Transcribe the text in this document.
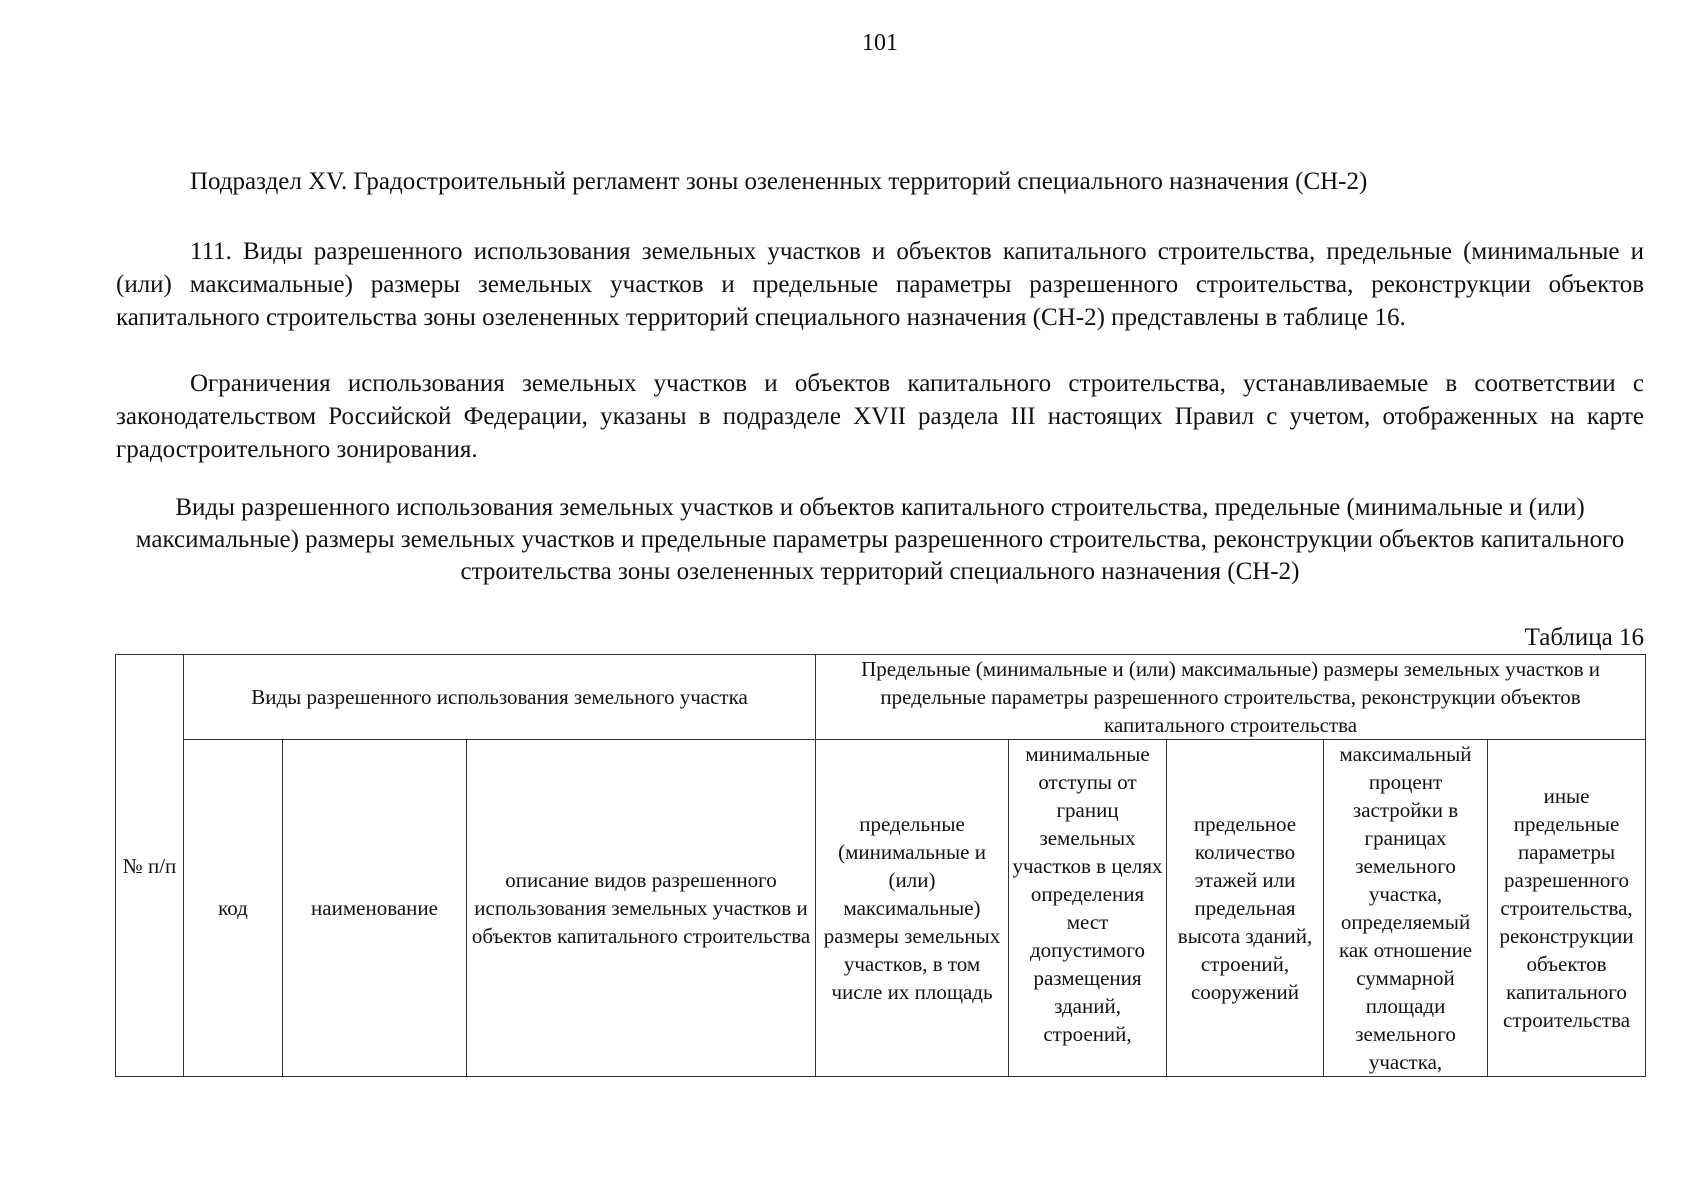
101
Подраздел XV. Градостроительный регламент зоны озелененных территорий специального назначения (СН-2)

111. Виды разрешенного использования земельных участков и объектов капитального строительства, предельные (минимальные и (или) максимальные) размеры земельных участков и предельные параметры разрешенного строительства, реконструкции объектов капитального строительства зоны озелененных территорий специального назначения (СН-2) представлены в таблице 16.

Ограничения использования земельных участков и объектов капитального строительства, устанавливаемые в соответствии с законодательством Российской Федерации, указаны в подразделе XVII раздела III настоящих Правил с учетом, отображенных на карте градостроительного зонирования.

Виды разрешенного использования земельных участков и объектов капитального строительства, предельные (минимальные и (или) максимальные) размеры земельных участков и предельные параметры разрешенного строительства, реконструкции объектов капитального строительства зоны озеленeнных территорий специального назначения (СН-2)

Таблица 16
№ п/п	Виды разрешенного использования земельного участка			Предельные (минимальные и (или) максимальные) размеры земельных участков и предельные параметры разрешенного строительства, реконструкции объектов капитального строительства				

	код	наименование	описание видов разрешенного использования земельных участков и объектов капитального строительства	предельные (минимальные и (или) максимальные) размеры земельных участков, в том числе их площадь	минимальные отступы от границ земельных участков в целях определения мест допустимого размещения зданий, строений,	предельное количество этажей или предельная высота зданий, строений, сооружений	максимальный процент застройки в границах земельного участка, определяемый как отношение суммарной площади земельного участка,	иные предельные параметры разрешенного строительства, реконструкции объектов капитального строительства
